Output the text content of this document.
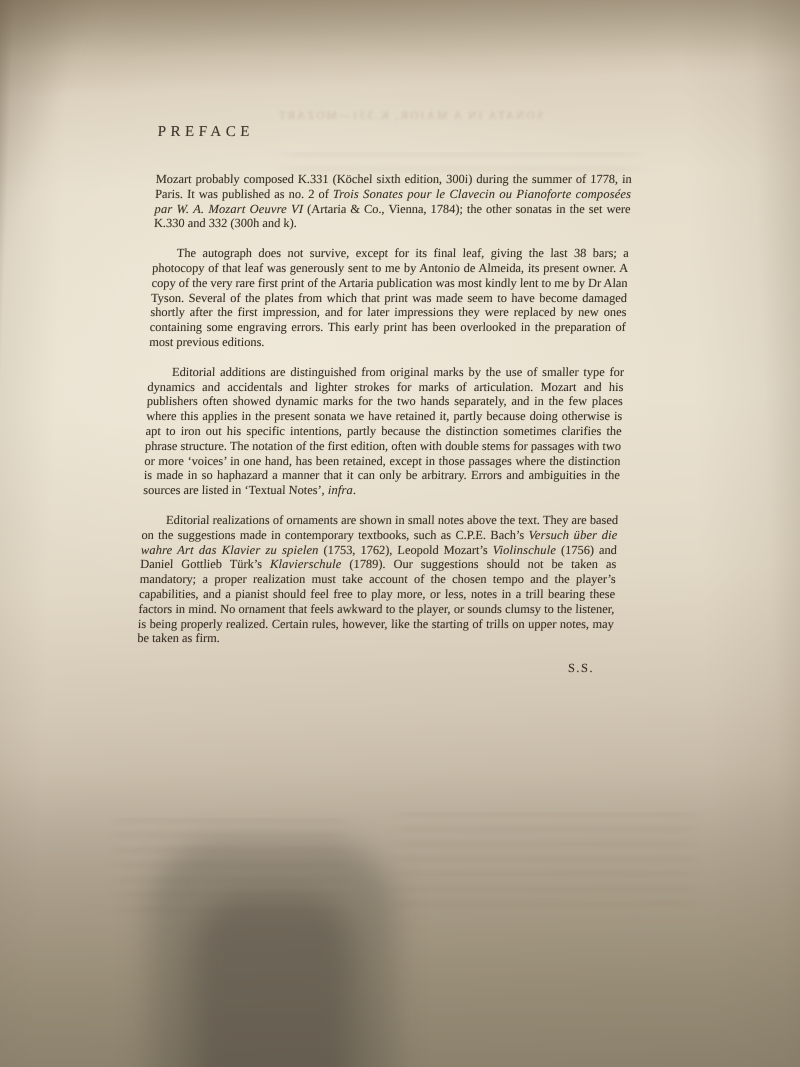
SONATA IN A MAJOR, K.331—MOZART
PREFACE

Mozart probably composed K.331 (Köchel sixth edition, 300i) during the summer of 1778, in Paris. It was published as no. 2 of Trois Sonates pour le Clavecin ou Pianoforte composées par W. A. Mozart Oeuvre VI (Artaria & Co., Vienna, 1784); the other sonatas in the set were K.330 and 332 (300h and k).

The autograph does not survive, except for its final leaf, giving the last 38 bars; a photocopy of that leaf was generously sent to me by Antonio de Almeida, its present owner. A copy of the very rare first print of the Artaria publication was most kindly lent to me by Dr Alan Tyson. Several of the plates from which that print was made seem to have become damaged shortly after the first impression, and for later impressions they were replaced by new ones containing some engraving errors. This early print has been overlooked in the preparation of most previous editions.

Editorial additions are distinguished from original marks by the use of smaller type for dynamics and accidentals and lighter strokes for marks of articulation. Mozart and his publishers often showed dynamic marks for the two hands separately, and in the few places where this applies in the present sonata we have retained it, partly because doing otherwise is apt to iron out his specific intentions, partly because the distinction sometimes clarifies the phrase structure. The notation of the first edition, often with double stems for passages with two or more ‘voices’ in one hand, has been retained, except in those passages where the distinction is made in so haphazard a manner that it can only be arbitrary. Errors and ambiguities in the sources are listed in ‘Textual Notes’, infra.

Editorial realizations of ornaments are shown in small notes above the text. They are based on the suggestions made in contemporary textbooks, such as C.P.E. Bach’s Versuch über die wahre Art das Klavier zu spielen (1753, 1762), Leopold Mozart’s Violinschule (1756) and Daniel Gottlieb Türk’s Klavierschule (1789). Our suggestions should not be taken as mandatory; a proper realization must take account of the chosen tempo and the player’s capabilities, and a pianist should feel free to play more, or less, notes in a trill bearing these factors in mind. No ornament that feels awkward to the player, or sounds clumsy to the listener, is being properly realized. Certain rules, however, like the starting of trills on upper notes, may be taken as firm.

S.S.
